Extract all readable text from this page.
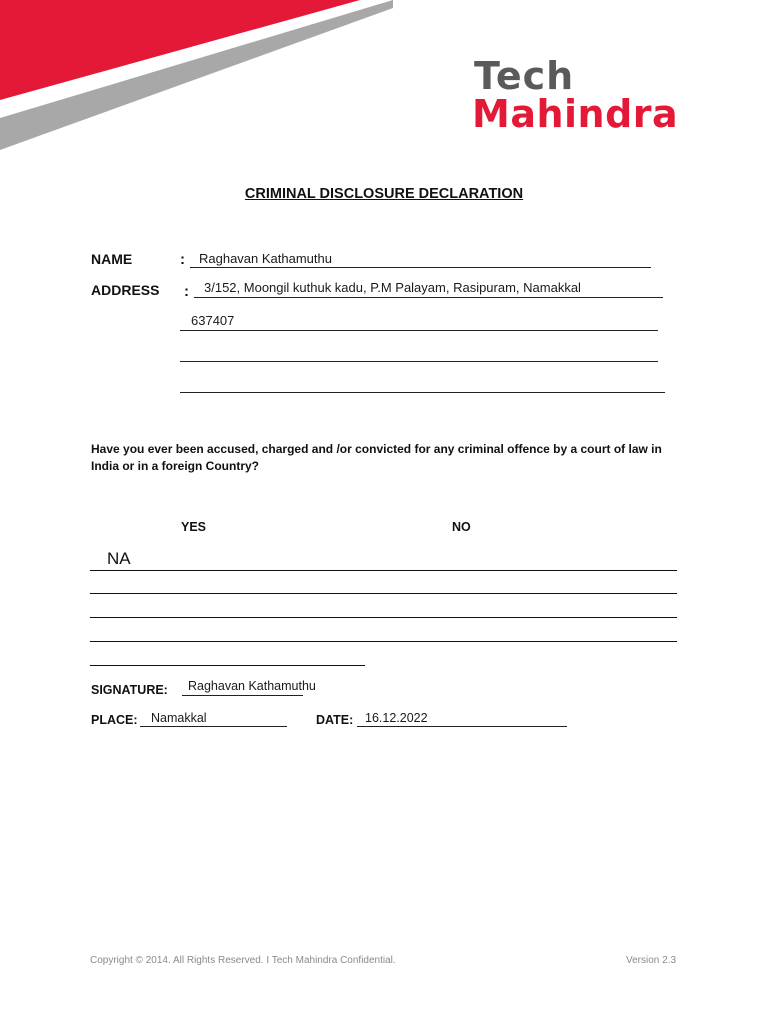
Tech
Mahindra
CRIMINAL DISCLOSURE DECLARATION
NAME	: Raghavan Kathamuthu
ADDRESS : 3/152, Moongil kuthuk kadu, P.M Palayam, Rasipuram, Namakkal
637407
Have you ever been accused, charged and /or convicted for any criminal offence by a court of law in India or in a foreign Country?
YES	NO
NA
SIGNATURE: Raghavan Kathamuthu
PLACE: Namakkal	DATE: 16.12.2022
Copyright © 2014. All Rights Reserved. I Tech Mahindra Confidential.	Version 2.3
